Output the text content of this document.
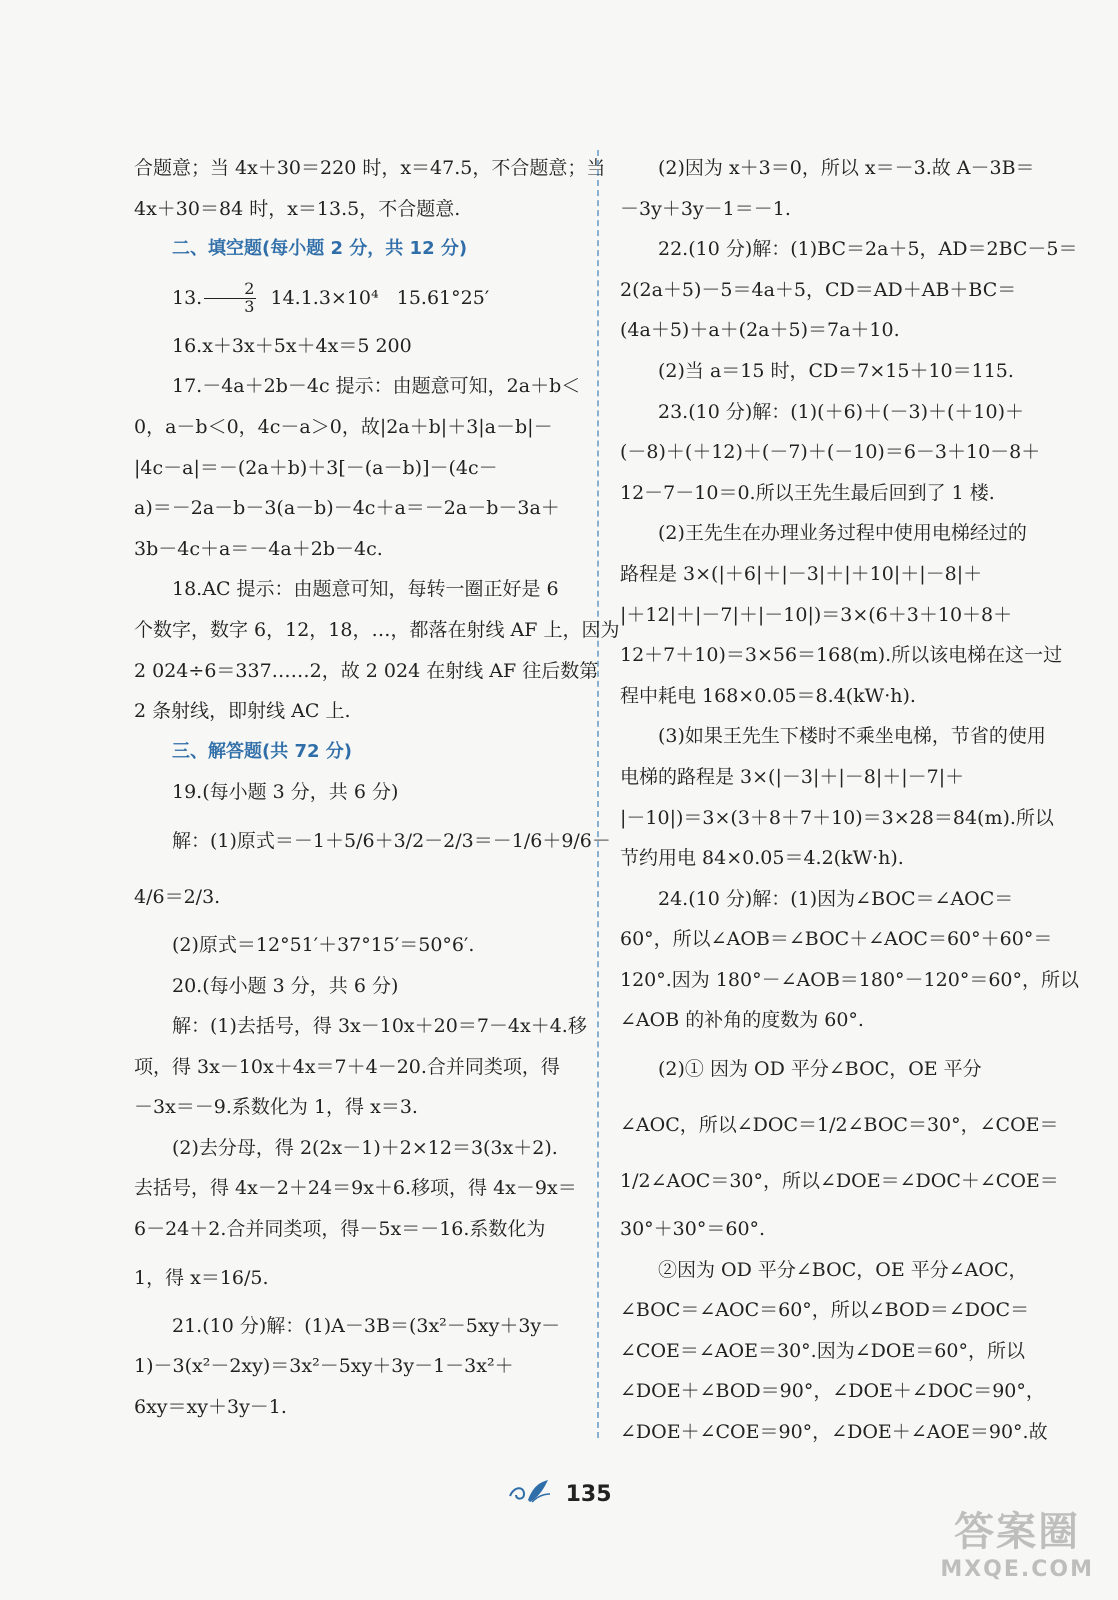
合题意；当 4x＋30＝220 时，x＝47.5，不合题意；当
4x＋30＝84 时，x＝13.5，不合题意.
二、填空题(每小题 2 分，共 12 分)
13. $\frac{2}{3} 14.1.3\times 10^4$   15.61°25′
16.x＋3x＋5x＋4x＝5 200
17.－4a＋2b－4c 提示：由题意可知，2a＋b＜
0，a－b＜0，4c－a＞0，故|2a＋b|＋3|a－b|－
|4c－a|＝－(2a＋b)＋3[－(a－b)]－(4c－
a)＝－2a－b－3(a－b)－4c＋a＝－2a－b－3a＋
3b－4c＋a＝－4a＋2b－4c.
18.AC 提示：由题意可知，每转一圈正好是 6
个数字，数字 6，12，18，…，都落在射线 AF 上，因为
2 024÷6＝337……2，故 2 024 在射线 AF 往后数第
2 条射线，即射线 AC 上.
三、解答题(共 72 分)
19.(每小题 3 分，共 6 分)
解：(1)原式＝－1＋5/6＋3/2－2/3＝－1/6＋9/6－
4/6＝2/3.
(2)原式＝12°51′＋37°15′＝50°6′.
20.(每小题 3 分，共 6 分)
解：(1)去括号，得 3x－10x＋20＝7－4x＋4.移
项，得 3x－10x＋4x＝7＋4－20.合并同类项，得
－3x＝－9.系数化为 1，得 x＝3.
(2)去分母，得 2(2x－1)＋2×12＝3(3x＋2).
去括号，得 4x－2＋24＝9x＋6.移项，得 4x－9x＝
6－24＋2.合并同类项，得－5x＝－16.系数化为
1，得 x＝16/5.
21.(10 分)解：(1)A－3B＝(3x²－5xy＋3y－
1)－3(x²－2xy)＝3x²－5xy＋3y－1－3x²＋
6xy＝xy＋3y－1.
(2)因为 x＋3＝0，所以 x＝－3.故 A－3B＝
－3y＋3y－1＝－1.
22.(10 分)解：(1)BC＝2a＋5，AD＝2BC－5＝
2(2a＋5)－5＝4a＋5，CD＝AD＋AB＋BC＝
(4a＋5)＋a＋(2a＋5)＝7a＋10.
(2)当 a＝15 时，CD＝7×15＋10＝115.
23.(10 分)解：(1)(＋6)＋(－3)＋(＋10)＋
(－8)＋(＋12)＋(－7)＋(－10)＝6－3＋10－8＋
12－7－10＝0.所以王先生最后回到了 1 楼.
(2)王先生在办理业务过程中使用电梯经过的
路程是 3×(|＋6|＋|－3|＋|＋10|＋|－8|＋
|＋12|＋|－7|＋|－10|)＝3×(6＋3＋10＋8＋
12＋7＋10)＝3×56＝168(m).所以该电梯在这一过
程中耗电 168×0.05＝8.4(kW·h).
(3)如果王先生下楼时不乘坐电梯，节省的使用
电梯的路程是 3×(|－3|＋|－8|＋|－7|＋
|－10|)＝3×(3＋8＋7＋10)＝3×28＝84(m).所以
节约用电 84×0.05＝4.2(kW·h).
24.(10 分)解：(1)因为∠BOC＝∠AOC＝
60°，所以∠AOB＝∠BOC＋∠AOC＝60°＋60°＝
120°.因为 180°－∠AOB＝180°－120°＝60°，所以
∠AOB 的补角的度数为 60°.
(2)① 因为 OD 平分∠BOC，OE 平分
∠AOC，所以∠DOC＝1/2∠BOC＝30°，∠COE＝
1/2∠AOC＝30°，所以∠DOE＝∠DOC＋∠COE＝
30°＋30°＝60°.
②因为 OD 平分∠BOC，OE 平分∠AOC，
∠BOC＝∠AOC＝60°，所以∠BOD＝∠DOC＝
∠COE＝∠AOE＝30°.因为∠DOE＝60°，所以
∠DOE＋∠BOD＝90°，∠DOE＋∠DOC＝90°，
∠DOE＋∠COE＝90°，∠DOE＋∠AOE＝90°.故
135
答案圈
MXQE.COM
